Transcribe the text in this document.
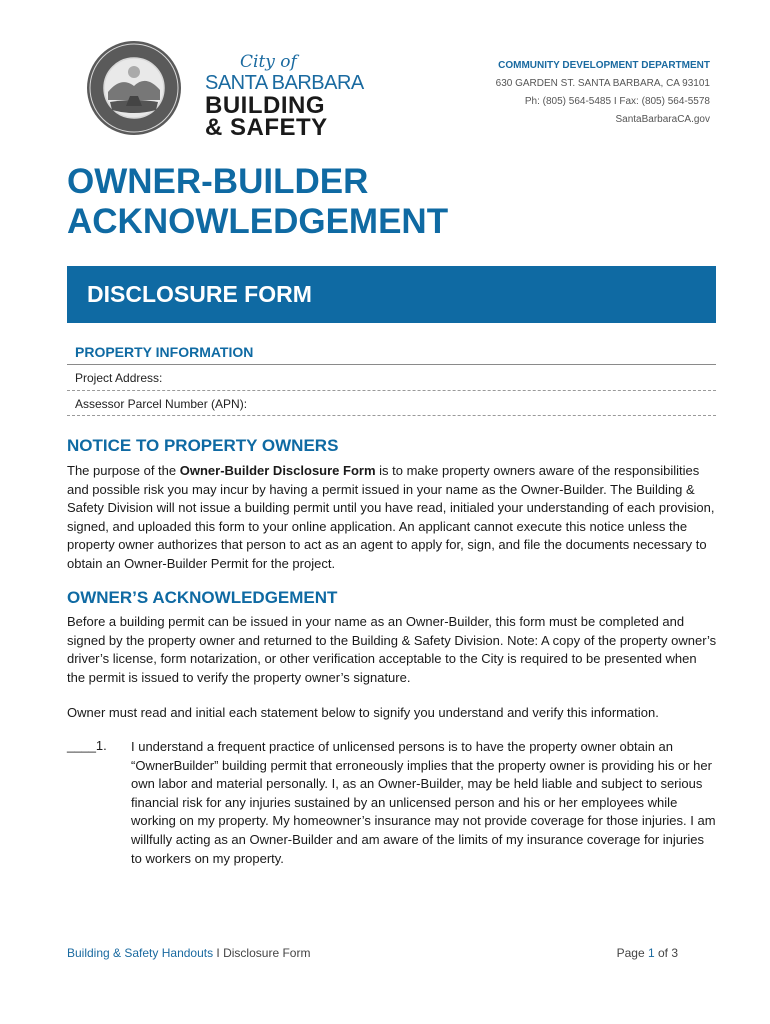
City of
SANTA BARBARA
BUILDING
& SAFETY
COMMUNITY DEVELOPMENT DEPARTMENT
630 GARDEN ST. SANTA BARBARA, CA 93101
Ph: (805) 564-5485 I Fax: (805) 564-5578
SantaBarbaraCA.gov
OWNER-BUILDER ACKNOWLEDGEMENT
DISCLOSURE FORM
PROPERTY INFORMATION
Project Address:
Assessor Parcel Number (APN):
NOTICE TO PROPERTY OWNERS
The purpose of the Owner-Builder Disclosure Form is to make property owners aware of the responsibilities and possible risk you may incur by having a permit issued in your name as the Owner-Builder. The Building & Safety Division will not issue a building permit until you have read, initialed your understanding of each provision, signed, and uploaded this form to your online application. An applicant cannot execute this notice unless the property owner authorizes that person to act as an agent to apply for, sign, and file the documents necessary to obtain an Owner-Builder Permit for the project.
OWNER’S ACKNOWLEDGEMENT
Before a building permit can be issued in your name as an Owner-Builder, this form must be completed and signed by the property owner and returned to the Building & Safety Division. Note: A copy of the property owner’s driver’s license, form notarization, or other verification acceptable to the City is required to be presented when the permit is issued to verify the property owner’s signature.
Owner must read and initial each statement below to signify you understand and verify this information.
____1. I understand a frequent practice of unlicensed persons is to have the property owner obtain an “OwnerBuilder” building permit that erroneously implies that the property owner is providing his or her own labor and material personally. I, as an Owner-Builder, may be held liable and subject to serious financial risk for any injuries sustained by an unlicensed person and his or her employees while working on my property. My homeowner’s insurance may not provide coverage for those injuries. I am willfully acting as an Owner-Builder and am aware of the limits of my insurance coverage for injuries to workers on my property.
Building & Safety Handouts I Disclosure Form	Page 1 of 3
